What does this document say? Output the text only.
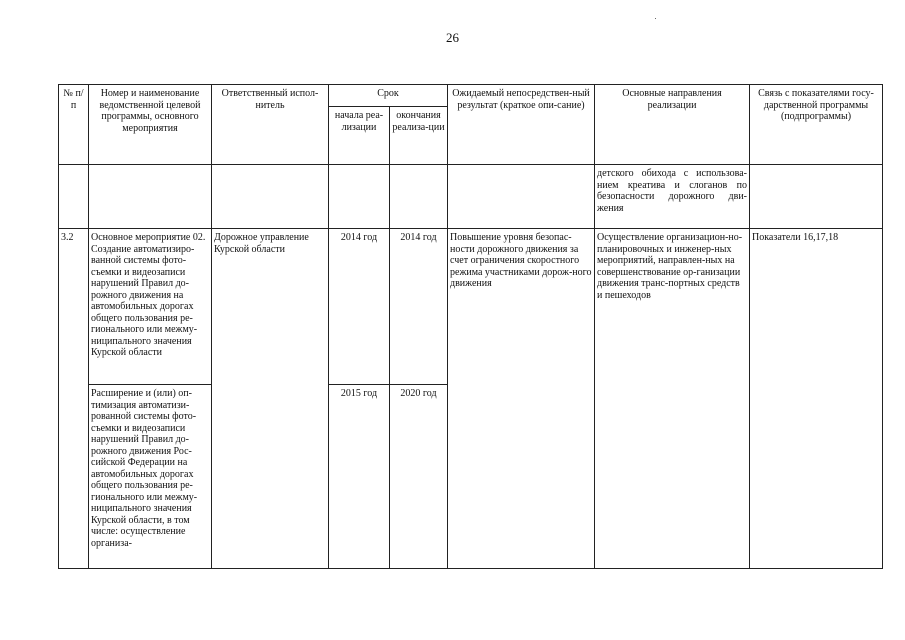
26
№ п/п	Номер и наименование ведомственной целевой программы, основного мероприятия	Ответственный испол-нитель	Срок		Ожидаемый непосредствен-ный результат (краткое опи-сание)	Основные направления реализации	Связь с показателями госу-дарственной программы (подпрограммы)
			начала реа-лизации	окончания реализа-ции			
						детского обихода с использова-нием креатива и слоганов по безопасности дорожного дви-жения	
3.2	Основное мероприятие 02. Создание автоматизиро-ванной системы фото-съемки и видеозаписи нарушений Правил до-рожного движения на автомобильных дорогах общего пользования ре-гионального или межму-ниципального значения Курской области	Дорожное управление Курской области	2014 год	2014 год	Повышение уровня безопас-ности дорожного движения за счет ограничения скоростного режима участниками дорож-ного движения	Осуществление организацион-но-планировочных и инженер-ных мероприятий, направлен-ных на совершенствование ор-ганизации движения транс-портных средств и пешеходов	Показатели 16,17,18
	Расширение и (или) оп-тимизация автоматизи-рованной системы фото-съемки и видеозаписи нарушений Правил до-рожного движения Рос-сийской Федерации на автомобильных дорогах общего пользования ре-гионального или межму-ниципального значения Курской области, в том числе: осуществление организа-		2015 год	2020 год			
